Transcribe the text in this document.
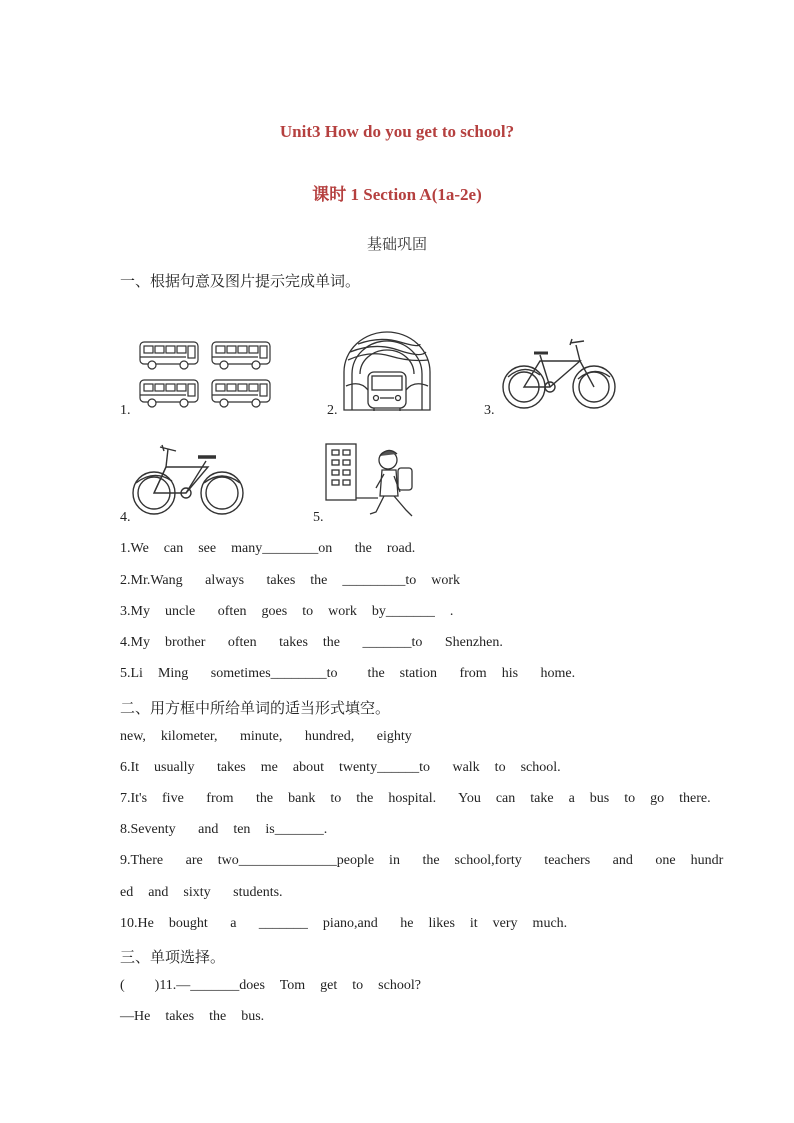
Unit3 How do you get to school?
课时 1 Section A(1a-2e)
基础巩固
一、根据句意及图片提示完成单词。
1.	2.	3.
4.	5.
1.We  can  see  many________on   the  road.
2.Mr.Wang   always   takes  the  _________to  work
3.My  uncle   often  goes  to  work  by_______  .
4.My  brother   often   takes  the   _______to   Shenzhen.
5.Li  Ming   sometimes________to    the  station   from  his   home.
二、用方框中所给单词的适当形式填空。
new,  kilometer,   minute,   hundred,   eighty
6.It  usually   takes  me  about  twenty______to   walk  to  school.
7.It's  five   from   the  bank  to  the  hospital.   You  can  take  a  bus  to  go  there.
8.Seventy   and  ten  is_______.
9.There   are  two______________people  in   the  school,forty   teachers   and   one  hundr
ed  and  sixty   students.
10.He  bought   a   _______  piano,and   he  likes  it  very  much.
三、单项选择。
(    )11.—_______does  Tom  get  to  school?
—He  takes  the  bus.
